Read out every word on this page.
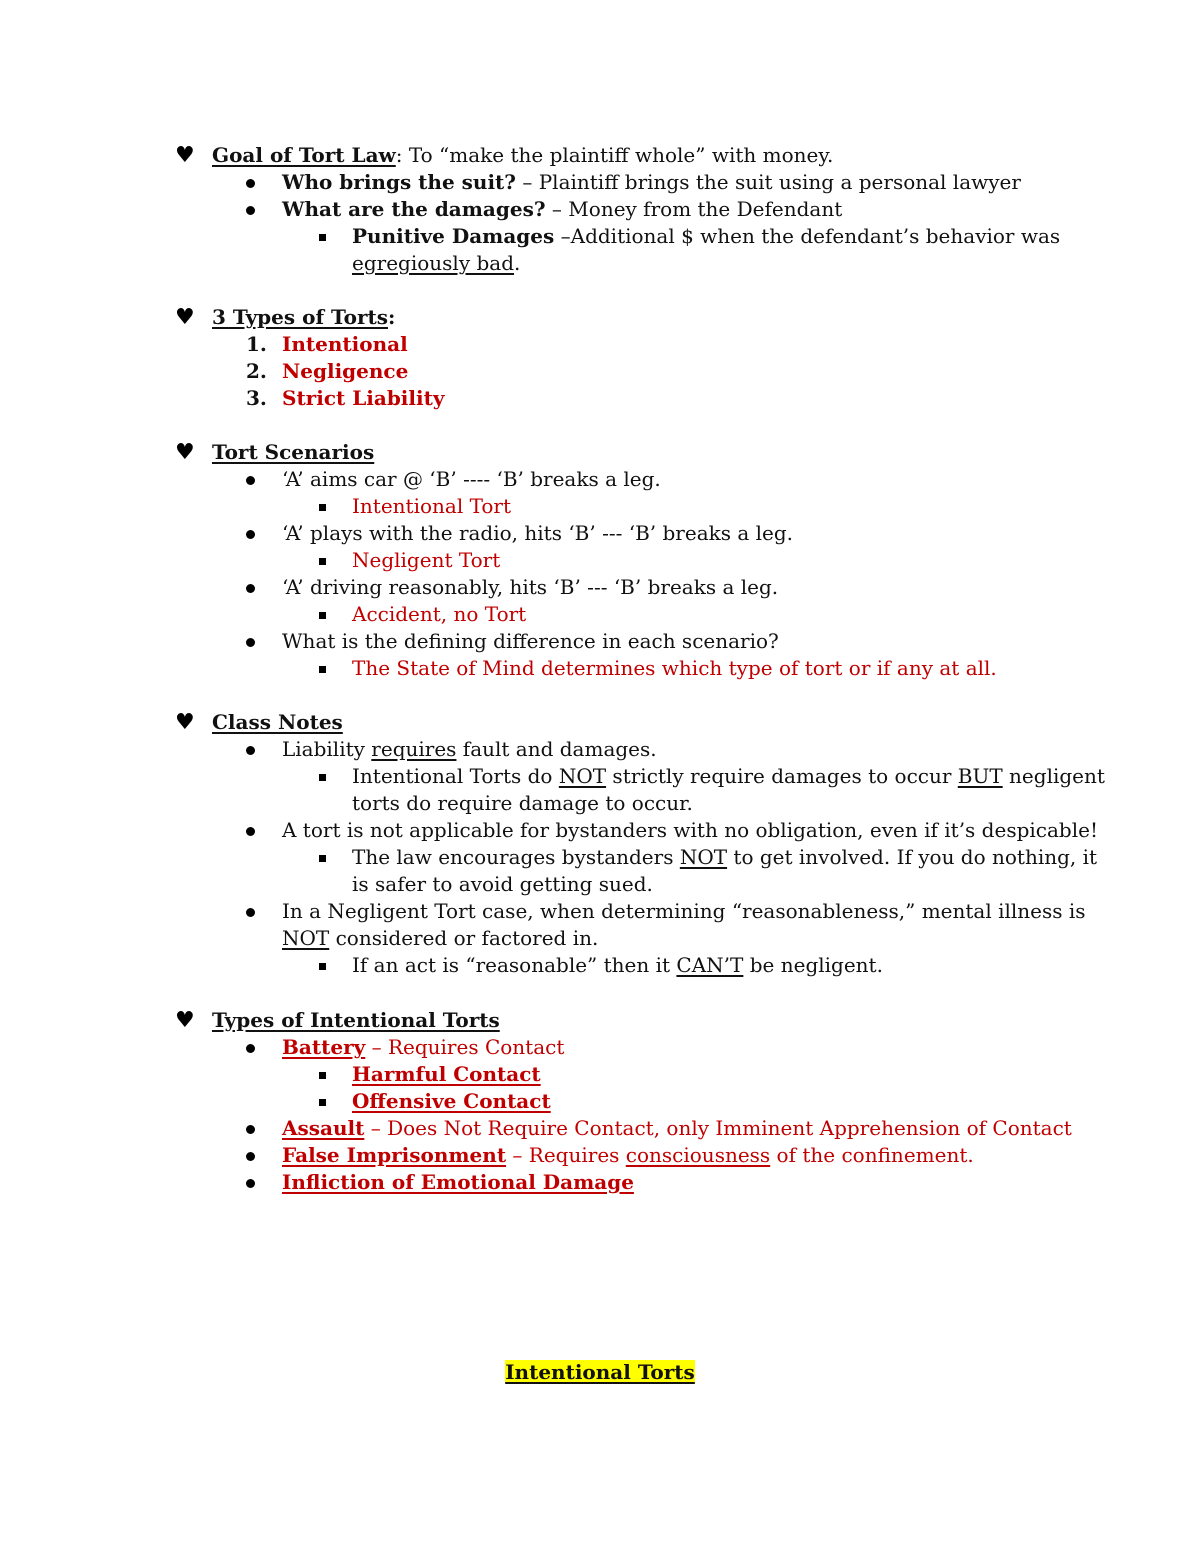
♥ Goal of Tort Law: To “make the plaintiff whole” with money.
Who brings the suit? – Plaintiff brings the suit using a personal lawyer
What are the damages? – Money from the Defendant
Punitive Damages –Additional $ when the defendant’s behavior was
egregiously bad.
♥ 3 Types of Torts:
1. Intentional
2. Negligence
3. Strict Liability
♥ Tort Scenarios
‘A’ aims car @ ‘B’ ---- ‘B’ breaks a leg.
Intentional Tort
‘A’ plays with the radio, hits ‘B’ --- ‘B’ breaks a leg.
Negligent Tort
‘A’ driving reasonably, hits ‘B’ --- ‘B’ breaks a leg.
Accident, no Tort
What is the defining difference in each scenario?
The State of Mind determines which type of tort or if any at all.
♥ Class Notes
Liability requires fault and damages.
Intentional Torts do NOT strictly require damages to occur BUT negligent
torts do require damage to occur.
A tort is not applicable for bystanders with no obligation, even if it’s despicable!
The law encourages bystanders NOT to get involved. If you do nothing, it
is safer to avoid getting sued.
In a Negligent Tort case, when determining “reasonableness,” mental illness is
NOT considered or factored in.
If an act is “reasonable” then it CAN’T be negligent.
♥ Types of Intentional Torts
Battery – Requires Contact
Harmful Contact
Offensive Contact
Assault – Does Not Require Contact, only Imminent Apprehension of Contact
False Imprisonment – Requires consciousness of the confinement.
Infliction of Emotional Damage
Intentional Torts
